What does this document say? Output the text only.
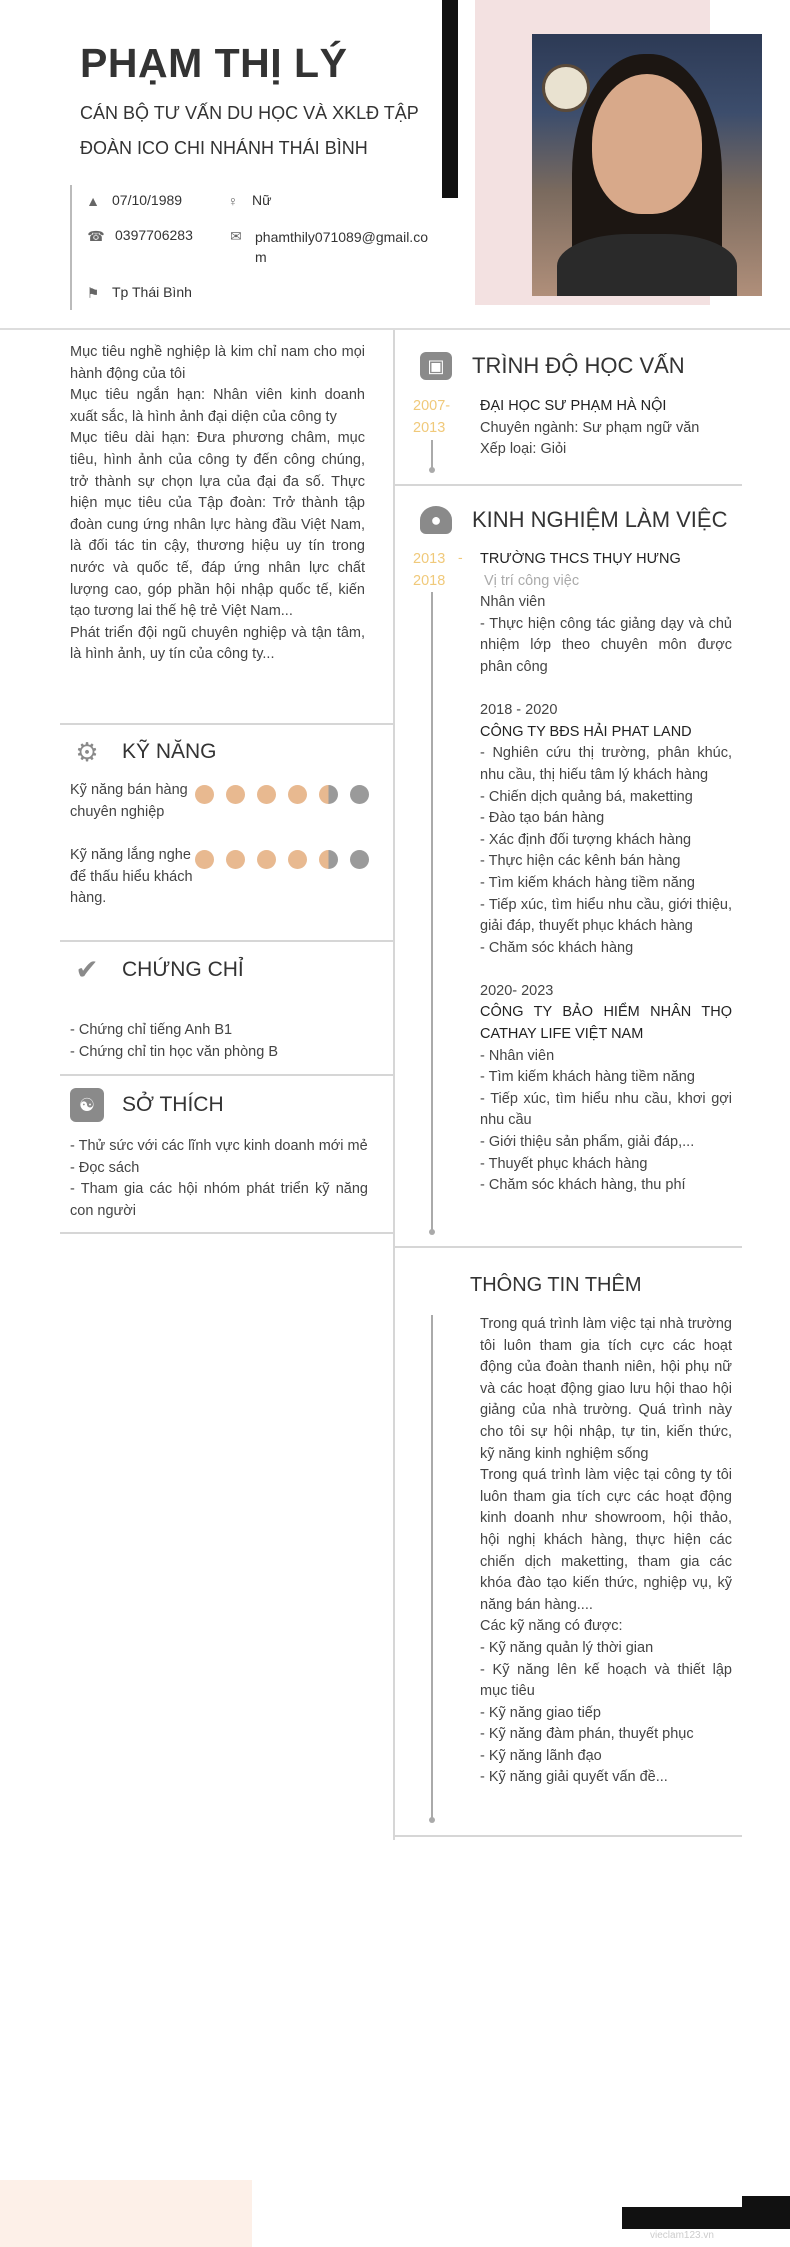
PHẠM THỊ LÝ
CÁN BỘ TƯ VẤN DU HỌC VÀ XKLĐ TẬP ĐOÀN ICO CHI NHÁNH THÁI BÌNH
▲ 07/10/1989	♀ Nữ
☎ 0397706283	✉ phamthily071089@gmail.co
m
⚑ Tp Thái Bình
Mục tiêu nghề nghiệp là kim chỉ nam cho mọi hành động của tôi
Mục tiêu ngắn hạn: Nhân viên kinh doanh xuất sắc, là hình ảnh đại diện của công ty
Mục tiêu dài hạn: Đưa phương châm, mục tiêu, hình ảnh của công ty đến công chúng, trở thành sự chọn lựa của đại đa số. Thực hiện mục tiêu của Tập đoàn: Trở thành tập đoàn cung ứng nhân lực hàng đầu Việt Nam, là đối tác tin cậy, thương hiệu uy tín trong nước và quốc tế, đáp ứng nhân lực chất lượng cao, góp phần hội nhập quốc tế, kiến tạo tương lai thế hệ trẻ Việt Nam...
Phát triển đội ngũ chuyên nghiệp và tận tâm, là hình ảnh, uy tín của công ty...
⚙ KỸ NĂNG
Kỹ năng bán hàng chuyên nghiệp
Kỹ năng lắng nghe để thấu hiểu khách hàng.
✔ CHỨNG CHỈ
- Chứng chỉ tiếng Anh B1
- Chứng chỉ tin học văn phòng B
☯	SỞ THÍCH
- Thử sức với các lĩnh vực kinh doanh mới mẻ
- Đọc sách
- Tham gia các hội nhóm phát triển kỹ năng con người
▣	TRÌNH ĐỘ HỌC VẤN
2007-
2013
ĐẠI HỌC SƯ PHẠM HÀ NỘI
Chuyên ngành: Sư phạm ngữ văn
Xếp loại: Giỏi
●	KINH NGHIỆM LÀM VIỆC
2013
2018
- TRƯỜNG THCS THỤY HƯNG
Vị trí công việc
Nhân viên
- Thực hiện công tác giảng dạy và chủ nhiệm lớp theo chuyên môn được phân công
2018 - 2020
CÔNG TY BĐS HẢI PHAT LAND
- Nghiên cứu thị trường, phân khúc, nhu cầu, thị hiếu tâm lý khách hàng
- Chiến dịch quảng bá, maketting
- Đào tạo bán hàng
- Xác định đối tượng khách hàng
- Thực hiện các kênh bán hàng
- Tìm kiếm khách hàng tiềm năng
- Tiếp xúc, tìm hiểu nhu cầu, giới thiệu, giải đáp, thuyết phục khách hàng
- Chăm sóc khách hàng
2020- 2023
CÔNG TY BẢO HIỂM NHÂN THỌ CATHAY LIFE VIỆT NAM
- Nhân viên
- Tìm kiếm khách hàng tiềm năng
- Tiếp xúc, tìm hiểu nhu cầu, khơi gợi nhu cầu
- Giới thiệu sản phẩm, giải đáp,...
- Thuyết phục khách hàng
- Chăm sóc khách hàng, thu phí
THÔNG TIN THÊM
Trong quá trình làm việc tại nhà trường tôi luôn tham gia tích cực các hoạt động của đoàn thanh niên, hội phụ nữ và các hoạt động giao lưu hội thao hội giảng của nhà trường. Quá trình này cho tôi sự hội nhập, tự tin, kiến thức, kỹ năng kinh nghiệm sống
Trong quá trình làm việc tại công ty tôi luôn tham gia tích cực các hoạt động kinh doanh như showroom, hội thảo, hội nghị khách hàng, thực hiện các chiến dịch maketting, tham gia các khóa đào tạo kiến thức, nghiệp vụ, kỹ năng bán hàng....
Các kỹ năng có được:
- Kỹ năng quản lý thời gian
- Kỹ năng lên kế hoạch và thiết lập mục tiêu
- Kỹ năng giao tiếp
- Kỹ năng đàm phán, thuyết phục
- Kỹ năng lãnh đạo
- Kỹ năng giải quyết vấn đề...
vieclam123.vn
